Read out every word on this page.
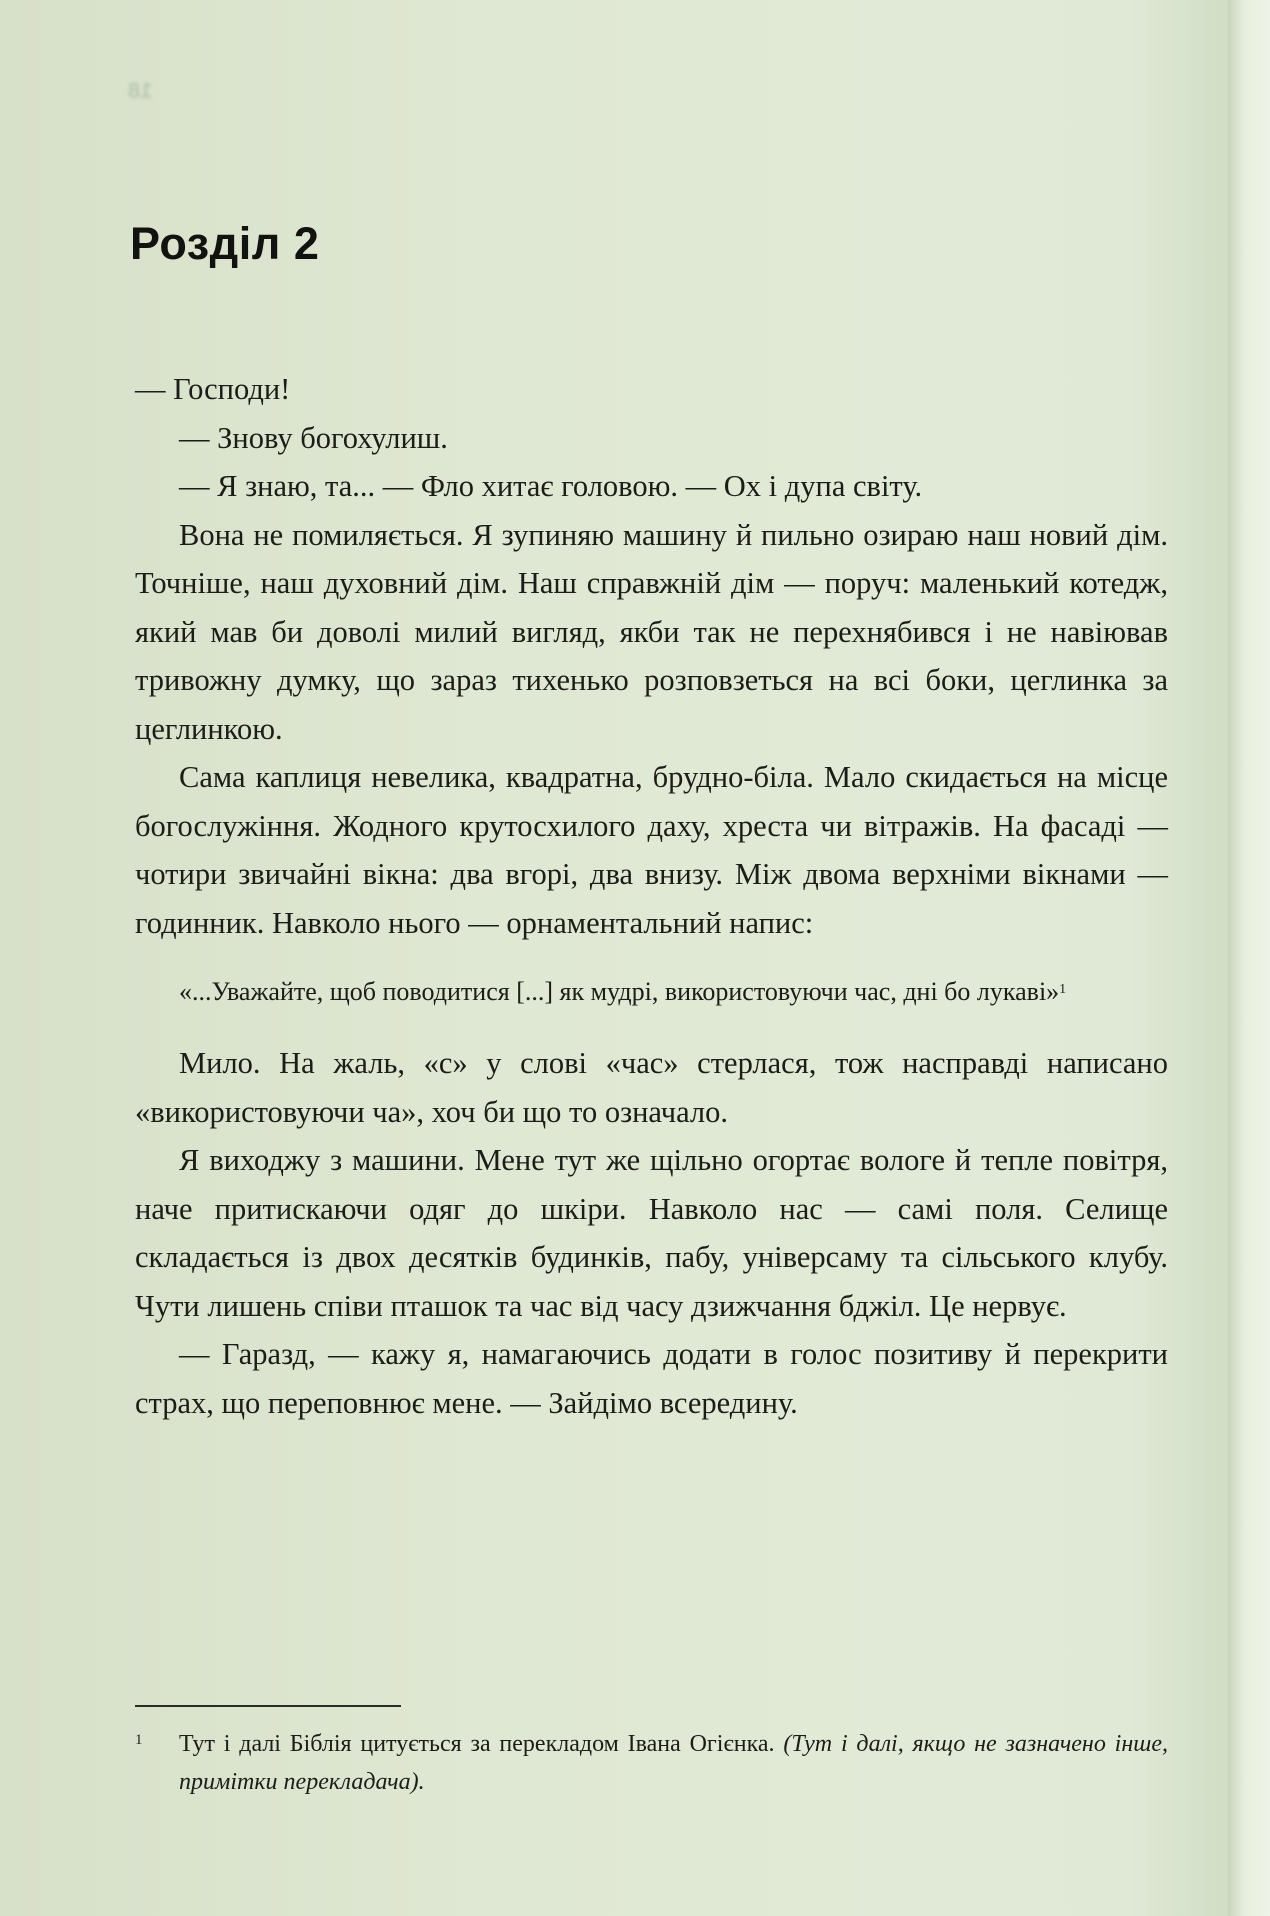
18
Розділ 2

— Господи!

— Знову богохулиш.

— Я знаю, та... — Фло хитає головою. — Ох і дупа світу.

Вона не помиляється. Я зупиняю машину й пильно озираю наш новий дім. Точніше, наш духовний дім. Наш справжній дім — поруч: маленький котедж, який мав би доволі милий вигляд, якби так не перехнябився і не навіював тривожну думку, що зараз тихенько розповзеться на всі боки, цеглинка за цеглинкою.

Сама каплиця невелика, квадратна, брудно-біла. Мало скидається на місце богослужіння. Жодного крутосхилого даху, хреста чи вітражів. На фасаді — чотири звичайні вікна: два вгорі, два внизу. Між двома верхніми вікнами — годинник. Навколо нього — орнаментальний напис:

«...Уважайте, щоб поводитися [...] як мудрі, використовуючи час, дні бо лукаві»$^1$

Мило. На жаль, «с» у слові «час» стерлася, тож насправді написано «використовуючи ча», хоч би що то означало.

Я виходжу з машини. Мене тут же щільно огортає вологе й тепле повітря, наче притискаючи одяг до шкіри. Навколо нас — самі поля. Селище складається із двох десятків будинків, пабу, універсаму та сільського клубу. Чути лишень співи пташок та час від часу дзижчання бджіл. Це нервує.

— Гаразд, — кажу я, намагаючись додати в голос позитиву й перекрити страх, що переповнює мене. — Зайдімо всередину.

1	Тут і далі Біблія цитується за перекладом Івана Огієнка. (Тут і далі, якщо не зазначено інше, примітки перекладача).
